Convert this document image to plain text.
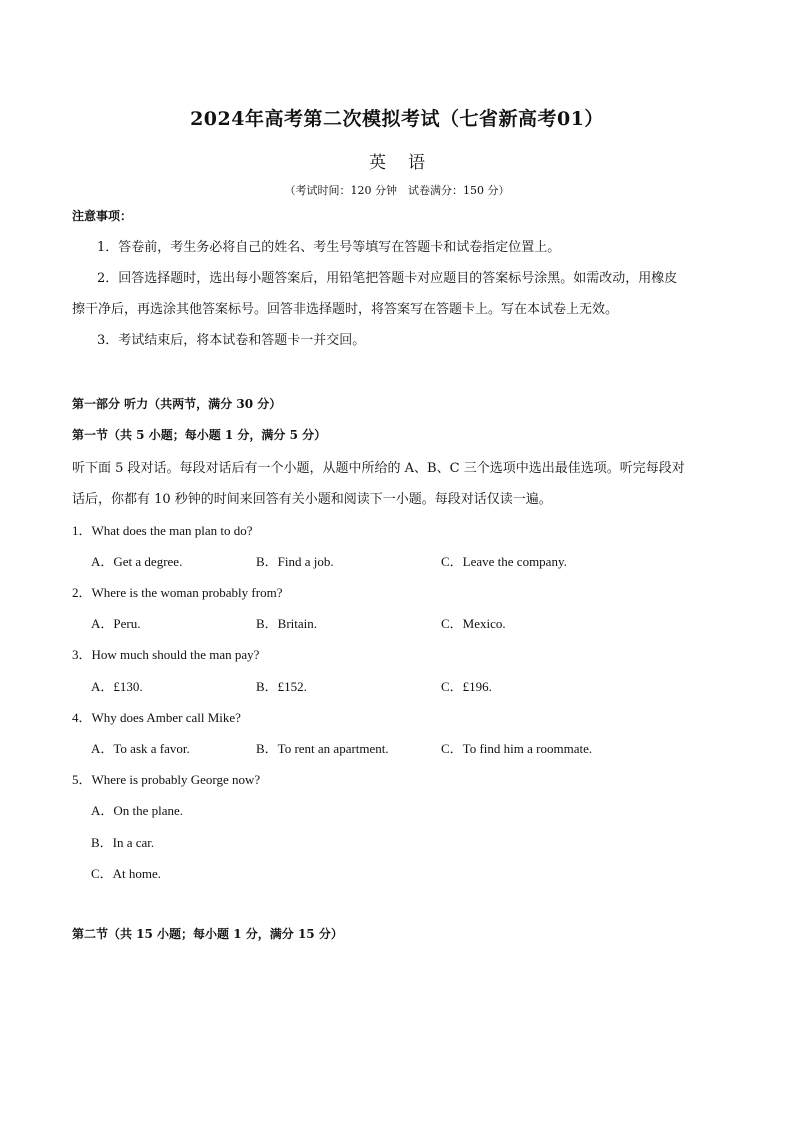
2024年高考第二次模拟考试（七省新高考01）
英语
（考试时间：120 分钟　试卷满分：150 分）
注意事项：
1．答卷前，考生务必将自己的姓名、考生号等填写在答题卡和试卷指定位置上。
2．回答选择题时，选出每小题答案后，用铅笔把答题卡对应题目的答案标号涂黑。如需改动，用橡皮
擦干净后，再选涂其他答案标号。回答非选择题时，将答案写在答题卡上。写在本试卷上无效。
3．考试结束后，将本试卷和答题卡一并交回。
第一部分 听力（共两节，满分 30 分）
第一节（共 5 小题；每小题 1 分，满分 5 分）
听下面 5 段对话。每段对话后有一个小题，从题中所给的 A、B、C 三个选项中选出最佳选项。听完每段对
话后，你都有 10 秒钟的时间来回答有关小题和阅读下一小题。每段对话仅读一遍。
1．What does the man plan to do?
A．Get a degree.	B．Find a job.	C．Leave the company.
2．Where is the woman probably from?
A．Peru.	B．Britain.	C．Mexico.
3．How much should the man pay?
A．£130.	B．£152.	C．£196.
4．Why does Amber call Mike?
A．To ask a favor.	B．To rent an apartment.	C．To find him a roommate.
5．Where is probably George now?
A．On the plane.
B．In a car.
C．At home.
第二节（共 15 小题；每小题 1 分，满分 15 分）
